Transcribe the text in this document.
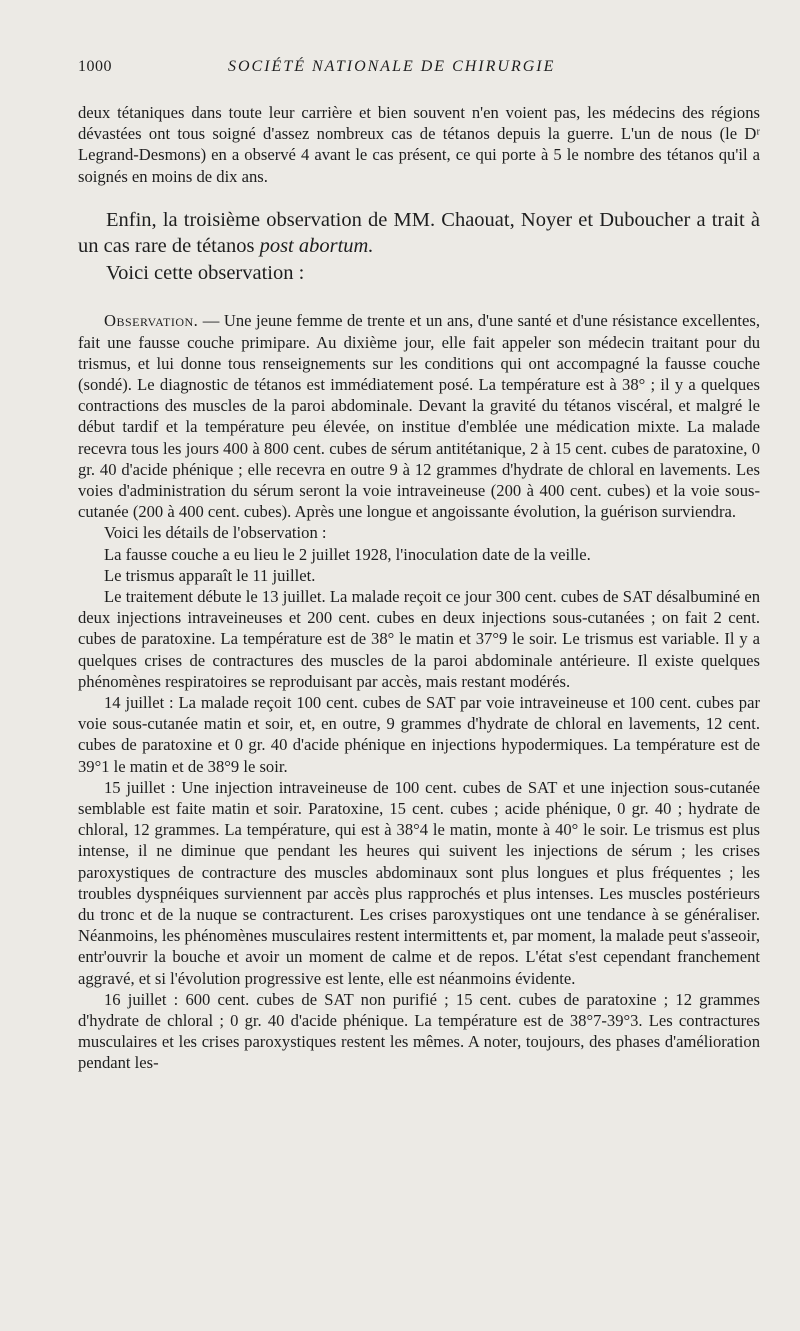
1000	SOCIÉTÉ NATIONALE DE CHIRURGIE

deux tétaniques dans toute leur carrière et bien souvent n'en voient pas, les médecins des régions dévastées ont tous soigné d'assez nombreux cas de tétanos depuis la guerre. L'un de nous (le Dʳ Legrand-Desmons) en a observé 4 avant le cas présent, ce qui porte à 5 le nombre des tétanos qu'il a soignés en moins de dix ans.

Enfin, la troisième observation de MM. Chaouat, Noyer et Duboucher a trait à un cas rare de tétanos post abortum.

Voici cette observation :

Observation. — Une jeune femme de trente et un ans, d'une santé et d'une résistance excellentes, fait une fausse couche primipare. Au dixième jour, elle fait appeler son médecin traitant pour du trismus, et lui donne tous renseignements sur les conditions qui ont accompagné la fausse couche (sondé). Le diagnostic de tétanos est immédiatement posé. La température est à 38° ; il y a quelques contractions des muscles de la paroi abdominale. Devant la gravité du tétanos viscéral, et malgré le début tardif et la température peu élevée, on institue d'emblée une médication mixte. La malade recevra tous les jours 400 à 800 cent. cubes de sérum antitétanique, 2 à 15 cent. cubes de paratoxine, 0 gr. 40 d'acide phénique ; elle recevra en outre 9 à 12 grammes d'hydrate de chloral en lavements. Les voies d'administration du sérum seront la voie intraveineuse (200 à 400 cent. cubes) et la voie sous-cutanée (200 à 400 cent. cubes). Après une longue et angoissante évolution, la guérison surviendra.

Voici les détails de l'observation :

La fausse couche a eu lieu le 2 juillet 1928, l'inoculation date de la veille.

Le trismus apparaît le 11 juillet.

Le traitement débute le 13 juillet. La malade reçoit ce jour 300 cent. cubes de SAT désalbuminé en deux injections intraveineuses et 200 cent. cubes en deux injections sous-cutanées ; on fait 2 cent. cubes de paratoxine. La température est de 38° le matin et 37°9 le soir. Le trismus est variable. Il y a quelques crises de contractures des muscles de la paroi abdominale antérieure. Il existe quelques phénomènes respiratoires se reproduisant par accès, mais restant modérés.

14 juillet : La malade reçoit 100 cent. cubes de SAT par voie intraveineuse et 100 cent. cubes par voie sous-cutanée matin et soir, et, en outre, 9 grammes d'hydrate de chloral en lavements, 12 cent. cubes de paratoxine et 0 gr. 40 d'acide phénique en injections hypodermiques. La température est de 39°1 le matin et de 38°9 le soir.

15 juillet : Une injection intraveineuse de 100 cent. cubes de SAT et une injection sous-cutanée semblable est faite matin et soir. Paratoxine, 15 cent. cubes ; acide phénique, 0 gr. 40 ; hydrate de chloral, 12 grammes. La température, qui est à 38°4 le matin, monte à 40° le soir. Le trismus est plus intense, il ne diminue que pendant les heures qui suivent les injections de sérum ; les crises paroxystiques de contracture des muscles abdominaux sont plus longues et plus fréquentes ; les troubles dyspnéiques surviennent par accès plus rapprochés et plus intenses. Les muscles postérieurs du tronc et de la nuque se contracturent. Les crises paroxystiques ont une tendance à se généraliser. Néanmoins, les phénomènes musculaires restent intermittents et, par moment, la malade peut s'asseoir, entr'ouvrir la bouche et avoir un moment de calme et de repos. L'état s'est cependant franchement aggravé, et si l'évolution progressive est lente, elle est néanmoins évidente.

16 juillet : 600 cent. cubes de SAT non purifié ; 15 cent. cubes de paratoxine ; 12 grammes d'hydrate de chloral ; 0 gr. 40 d'acide phénique. La température est de 38°7-39°3. Les contractures musculaires et les crises paroxystiques restent les mêmes. A noter, toujours, des phases d'amélioration pendant les-
